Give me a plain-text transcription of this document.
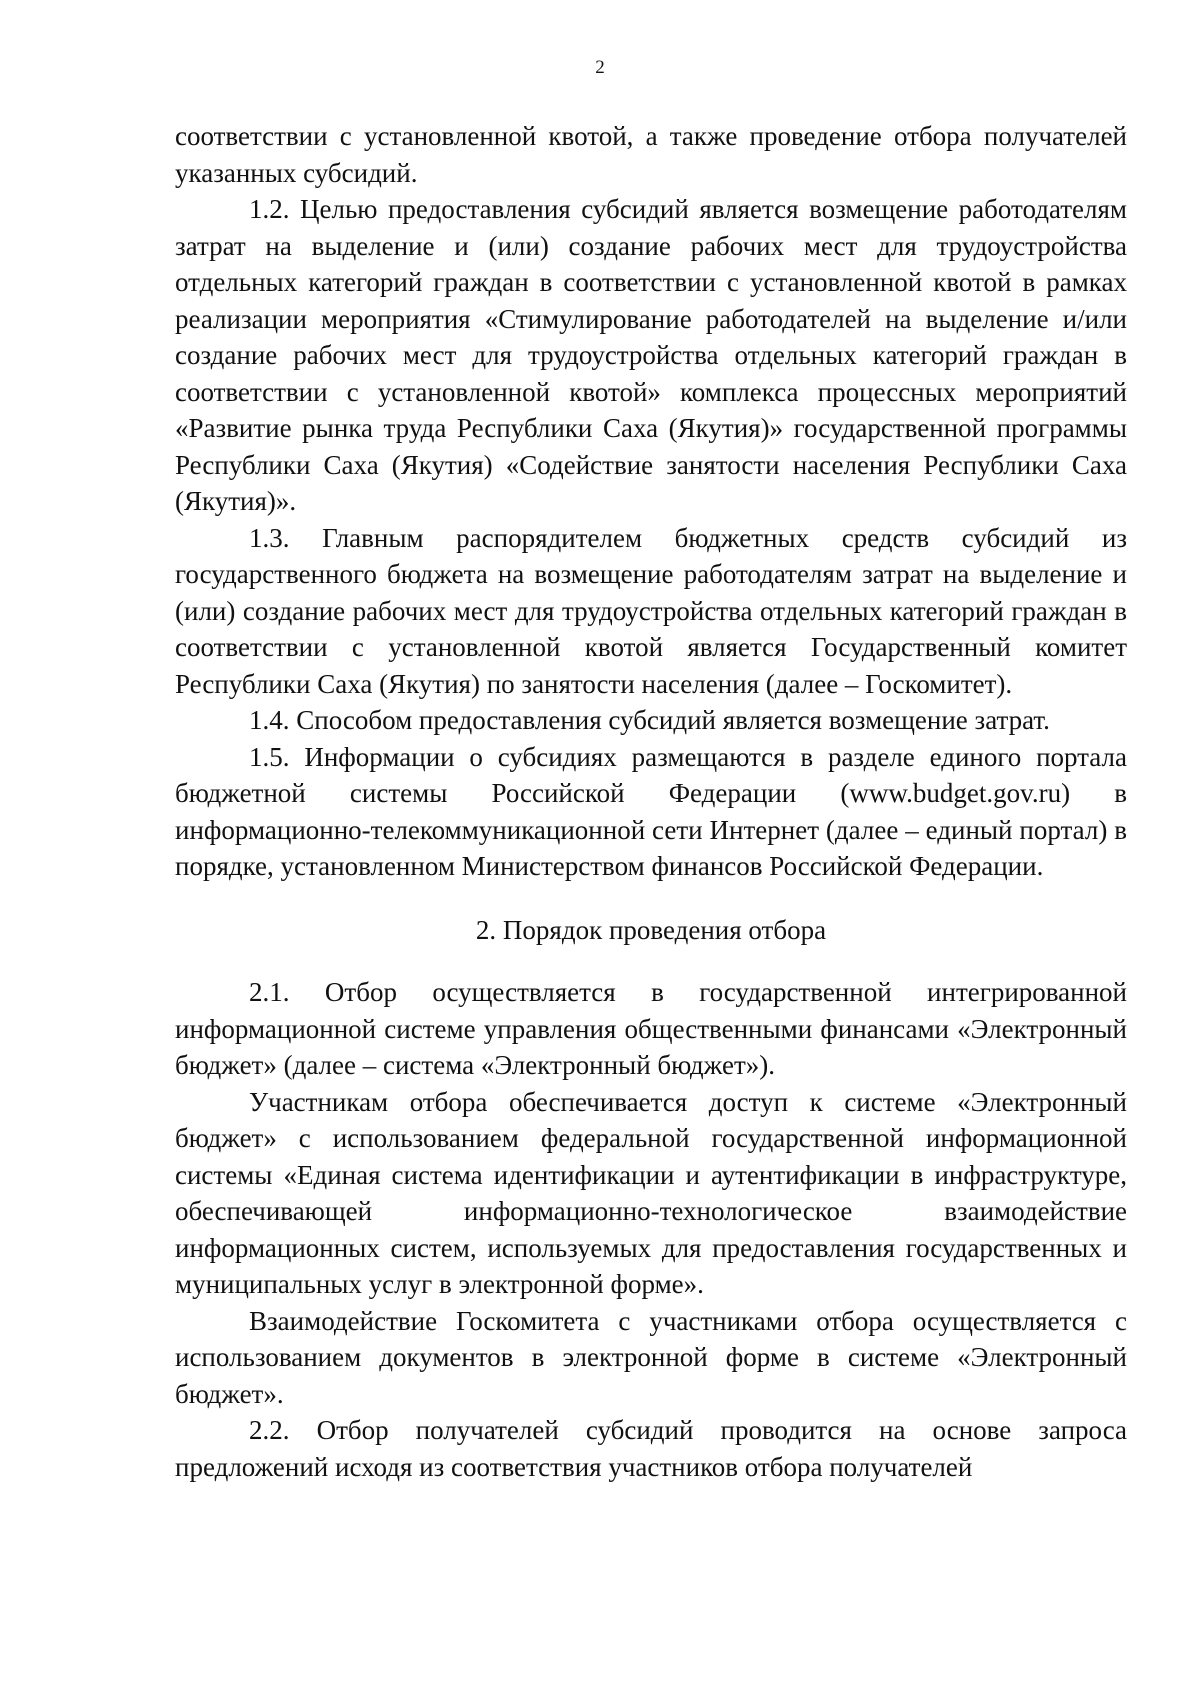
2

соответствии с установленной квотой, а также проведение отбора получателей указанных субсидий.

1.2. Целью предоставления субсидий является возмещение работодателям затрат на выделение и (или) создание рабочих мест для трудоустройства отдельных категорий граждан в соответствии с установленной квотой в рамках реализации мероприятия «Стимулирование работодателей на выделение и/или создание рабочих мест для трудоустройства отдельных категорий граждан в соответствии с установленной квотой» комплекса процессных мероприятий «Развитие рынка труда Республики Саха (Якутия)» государственной программы Республики Саха (Якутия) «Содействие занятости населения Республики Саха (Якутия)».

1.3. Главным распорядителем бюджетных средств субсидий из государственного бюджета на возмещение работодателям затрат на выделение и (или) создание рабочих мест для трудоустройства отдельных категорий граждан в соответствии с установленной квотой является Государственный комитет Республики Саха (Якутия) по занятости населения (далее – Госкомитет).

1.4. Способом предоставления субсидий является возмещение затрат.

1.5. Информации о субсидиях размещаются в разделе единого портала бюджетной системы Российской Федерации (www.budget.gov.ru) в информационно-телекоммуникационной сети Интернет (далее – единый портал) в порядке, установленном Министерством финансов Российской Федерации.

2. Порядок проведения отбора

2.1. Отбор осуществляется в государственной интегрированной информационной системе управления общественными финансами «Электронный бюджет» (далее – система «Электронный бюджет»).

Участникам отбора обеспечивается доступ к системе «Электронный бюджет» с использованием федеральной государственной информационной системы «Единая система идентификации и аутентификации в инфраструктуре, обеспечивающей информационно-технологическое взаимодействие информационных систем, используемых для предоставления государственных и муниципальных услуг в электронной форме».

Взаимодействие Госкомитета с участниками отбора осуществляется с использованием документов в электронной форме в системе «Электронный бюджет».

2.2. Отбор получателей субсидий проводится на основе запроса предложений исходя из соответствия участников отбора получателей
